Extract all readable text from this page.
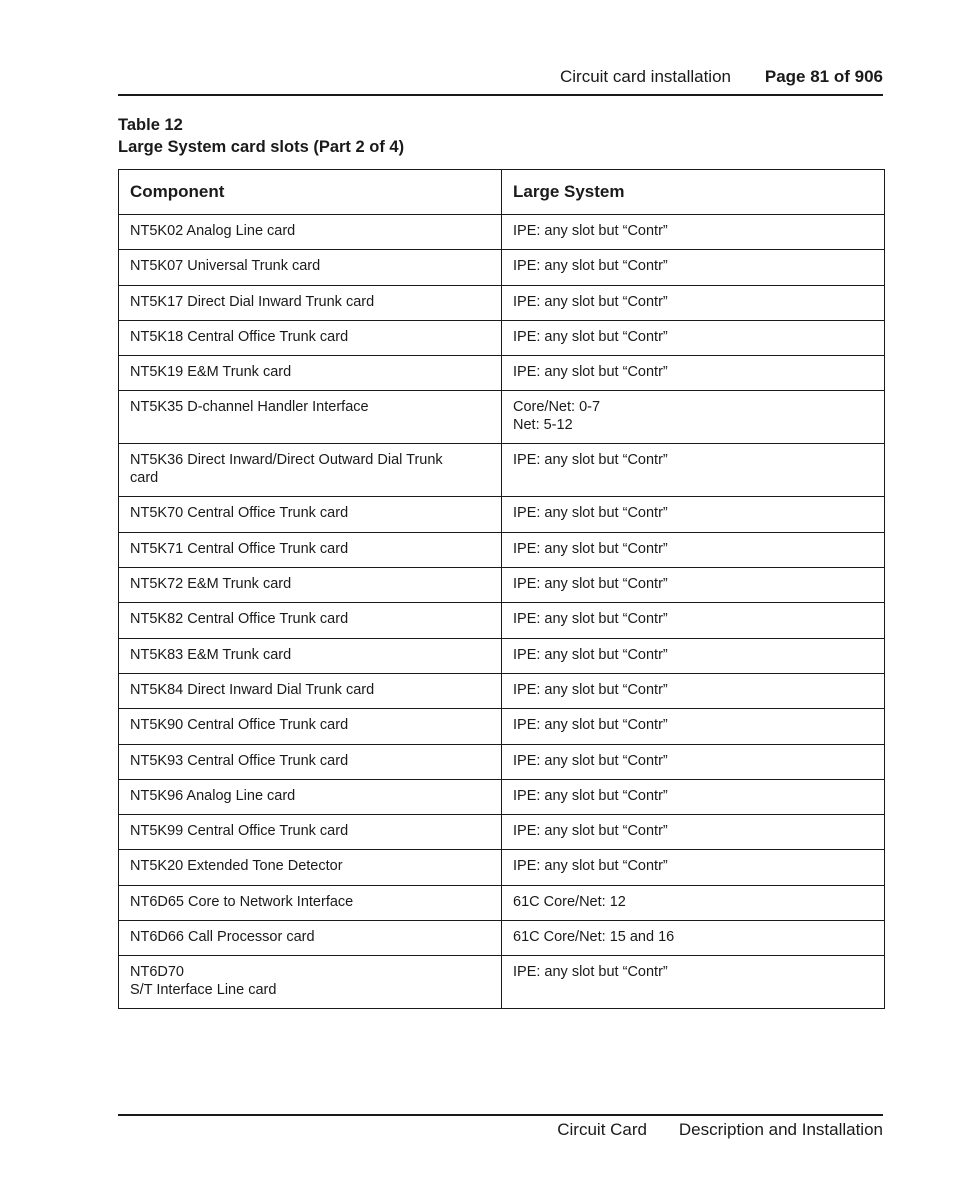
Circuit card installation Page 81 of 906
Table 12
Large System card slots (Part 2 of 4)
Component	Large System

NT5K02 Analog Line card	IPE: any slot but “Contr”

NT5K07 Universal Trunk card	IPE: any slot but “Contr”

NT5K17 Direct Dial Inward Trunk card	IPE: any slot but “Contr”

NT5K18 Central Office Trunk card	IPE: any slot but “Contr”

NT5K19 E&M Trunk card	IPE: any slot but “Contr”

NT5K35 D-channel Handler Interface	Core/Net: 0-7
Net: 5-12

NT5K36 Direct Inward/Direct Outward Dial Trunk
card	IPE: any slot but “Contr”

NT5K70 Central Office Trunk card	IPE: any slot but “Contr”

NT5K71 Central Office Trunk card	IPE: any slot but “Contr”

NT5K72 E&M Trunk card	IPE: any slot but “Contr”

NT5K82 Central Office Trunk card	IPE: any slot but “Contr”

NT5K83 E&M Trunk card	IPE: any slot but “Contr”

NT5K84 Direct Inward Dial Trunk card	IPE: any slot but “Contr”

NT5K90 Central Office Trunk card	IPE: any slot but “Contr”

NT5K93 Central Office Trunk card	IPE: any slot but “Contr”

NT5K96 Analog Line card	IPE: any slot but “Contr”

NT5K99 Central Office Trunk card	IPE: any slot but “Contr”

NT5K20 Extended Tone Detector	IPE: any slot but “Contr”

NT6D65 Core to Network Interface	61C Core/Net: 12

NT6D66 Call Processor card	61C Core/Net: 15 and 16

NT6D70
S/T Interface Line card	IPE: any slot but “Contr”
Circuit Card Description and Installation
